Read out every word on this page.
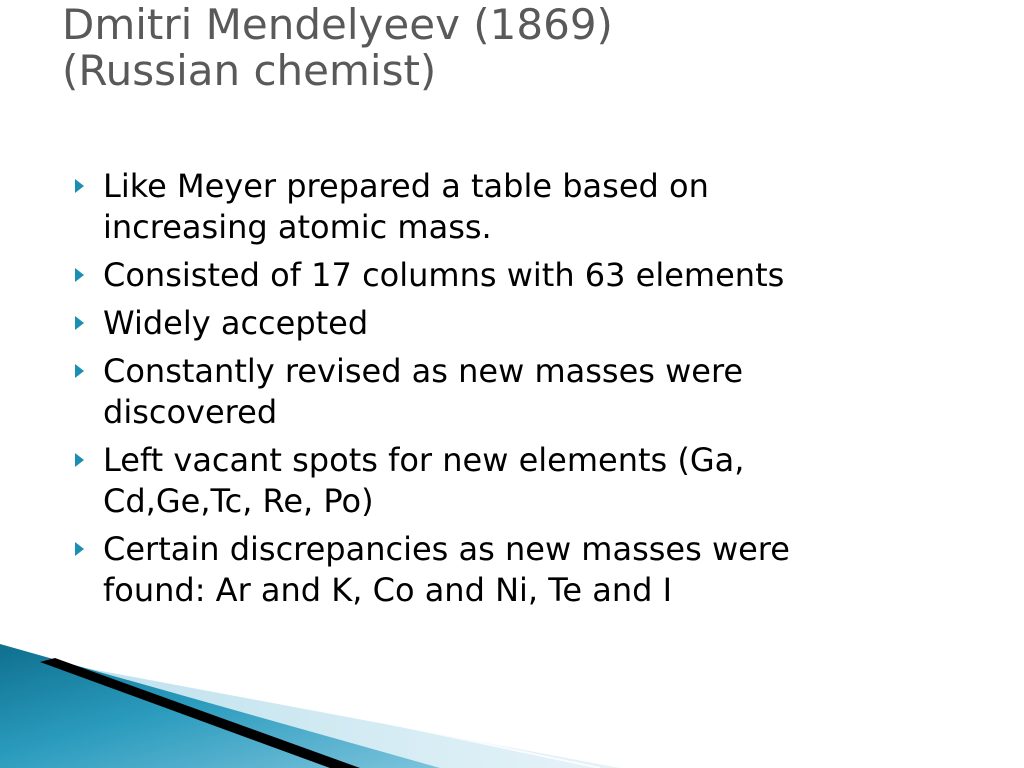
Dmitri Mendelyeev (1869)
(Russian chemist)
Like Meyer prepared a table based on
increasing atomic mass.
Consisted of 17 columns with 63 elements
Widely accepted
Constantly revised as new masses were
discovered
Left vacant spots for new elements (Ga,
Cd,Ge,Tc, Re, Po)
Certain discrepancies as new masses were
found: Ar and K, Co and Ni, Te and I
